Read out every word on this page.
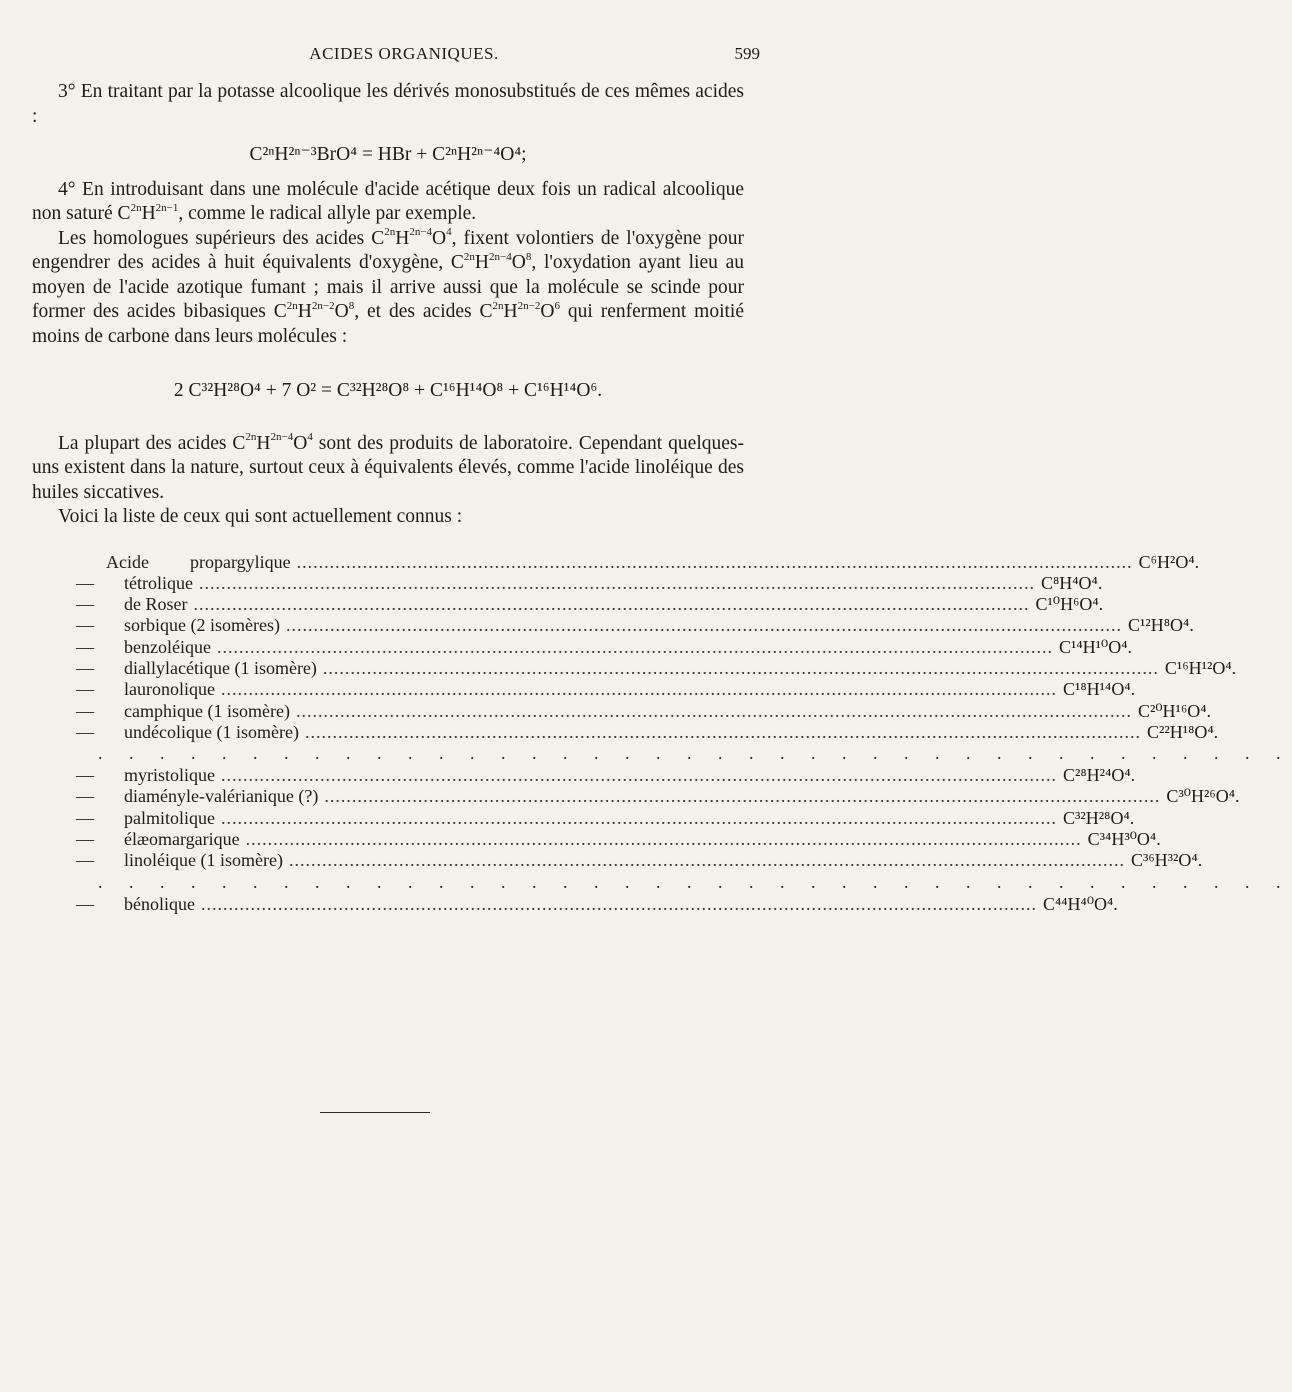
ACIDES ORGANIQUES.	599

3° En traitant par la potasse alcoolique les dérivés monosubstitués de ces mêmes acides :

C²ⁿH²ⁿ⁻³BrO⁴ = HBr + C²ⁿH²ⁿ⁻⁴O⁴;

4° En introduisant dans une molécule d'acide acétique deux fois un radical alcoolique non saturé $C^{2n}H^{2n-1}$, comme le radical allyle par exemple.

Les homologues supérieurs des acides $C^{2n}H^{2n-4}O^4$, fixent volontiers de l'oxygène pour engendrer des acides à huit équivalents d'oxygène, $C^{2n}H^{2n-4}O^8$, l'oxydation ayant lieu au moyen de l'acide azotique fumant ; mais il arrive aussi que la molécule se scinde pour former des acides bibasiques $C^{2n}H^{2n-2}O^8$, et des acides $C^{2n}H^{2n-2}O^6$ qui renferment moitié moins de carbone dans leurs molécules :

2 C³²H²⁸O⁴ + 7 O² = C³²H²⁸O⁸ + C¹⁶H¹⁴O⁸ + C¹⁶H¹⁴O⁶.

La plupart des acides $C^{2n}H^{2n-4}O^4$ sont des produits de laboratoire. Cependant quelques-uns existent dans la nature, surtout ceux à équivalents élevés, comme l'acide linoléique des huiles siccatives.

Voici la liste de ceux qui sont actuellement connus :

Acide	propargylique .....	C⁶H²O⁴.
—	tétrolique .....	C⁸H⁴O⁴.
—	de Roser .....	C¹⁰H⁶O⁴.
—	sorbique (2 isomères) .....	C¹²H⁸O⁴.
—	benzoléique .....	C¹⁴H¹⁰O⁴.
—	diallylacétique (1 isomère) .....	C¹⁶H¹²O⁴.
—	lauronolique .....	C¹⁸H¹⁴O⁴.
—	camphique (1 isomère) .....	C²⁰H¹⁶O⁴.
—	undécolique (1 isomère) .....	C²²H¹⁸O⁴.
. . . . . . . . . . . . . . . . . . . . . . . . . . . . . . . . . . . . . . .
—	myristolique .....	C²⁸H²⁴O⁴.
—	diaményle-valérianique (?) .....	C³⁰H²⁶O⁴.
—	palmitolique .....	C³²H²⁸O⁴.
—	élæomargarique .....	C³⁴H³⁰O⁴.
—	linoléique (1 isomère) .....	C³⁶H³²O⁴.
. . . . . . . . . . . . . . . . . . . . . . . . . . . . . . . . . . . . . . .
—	bénolique .....	C⁴⁴H⁴⁰O⁴.
